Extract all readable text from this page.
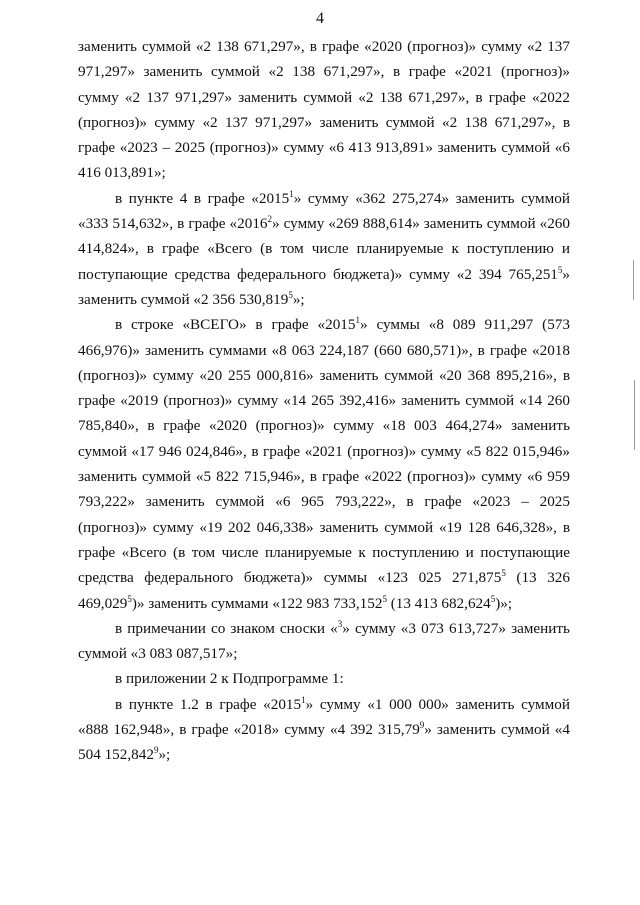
4

заменить суммой «2 138 671,297», в графе «2020 (прогноз)» сумму «2 137 971,297» заменить суммой «2 138 671,297», в графе «2021 (прогноз)» сумму «2 137 971,297» заменить суммой «2 138 671,297», в графе «2022 (прогноз)» сумму «2 137 971,297» заменить суммой «2 138 671,297», в графе «2023 – 2025 (прогноз)» сумму «6 413 913,891» заменить суммой «6 416 013,891»;

в пункте 4 в графе «2015$^1$» сумму «362 275,274» заменить суммой «333 514,632», в графе «2016$^2$» сумму «269 888,614» заменить суммой «260 414,824», в графе «Всего (в том числе планируемые к поступлению и поступающие средства федерального бюджета)» сумму «2 394 765,251$^5$» заменить суммой «2 356 530,819$^5$»;

в строке «ВСЕГО» в графе «2015$^1$» суммы «8 089 911,297 (573 466,976)» заменить суммами «8 063 224,187 (660 680,571)», в графе «2018 (прогноз)» сумму «20 255 000,816» заменить суммой «20 368 895,216», в графе «2019 (прогноз)» сумму «14 265 392,416» заменить суммой «14 260 785,840», в графе «2020 (прогноз)» сумму «18 003 464,274» заменить суммой «17 946 024,846», в графе «2021 (прогноз)» сумму «5 822 015,946» заменить суммой «5 822 715,946», в графе «2022 (прогноз)» сумму «6 959 793,222» заменить суммой «6 965 793,222», в графе «2023 – 2025 (прогноз)» сумму «19 202 046,338» заменить суммой «19 128 646,328», в графе «Всего (в том числе планируемые к поступлению и поступающие средства федерального бюджета)» суммы «123 025 271,875$^5$ (13 326 469,029$^5$)» заменить суммами «122 983 733,152$^5$ (13 413 682,624$^5$)»;

в примечании со знаком сноски «$^3$» сумму «3 073 613,727» заменить суммой «3 083 087,517»;

в приложении 2 к Подпрограмме 1:

в пункте 1.2 в графе «2015$^1$» сумму «1 000 000» заменить суммой «888 162,948», в графе «2018» сумму «4 392 315,79$^9$» заменить суммой «4 504 152,842$^9$»;
